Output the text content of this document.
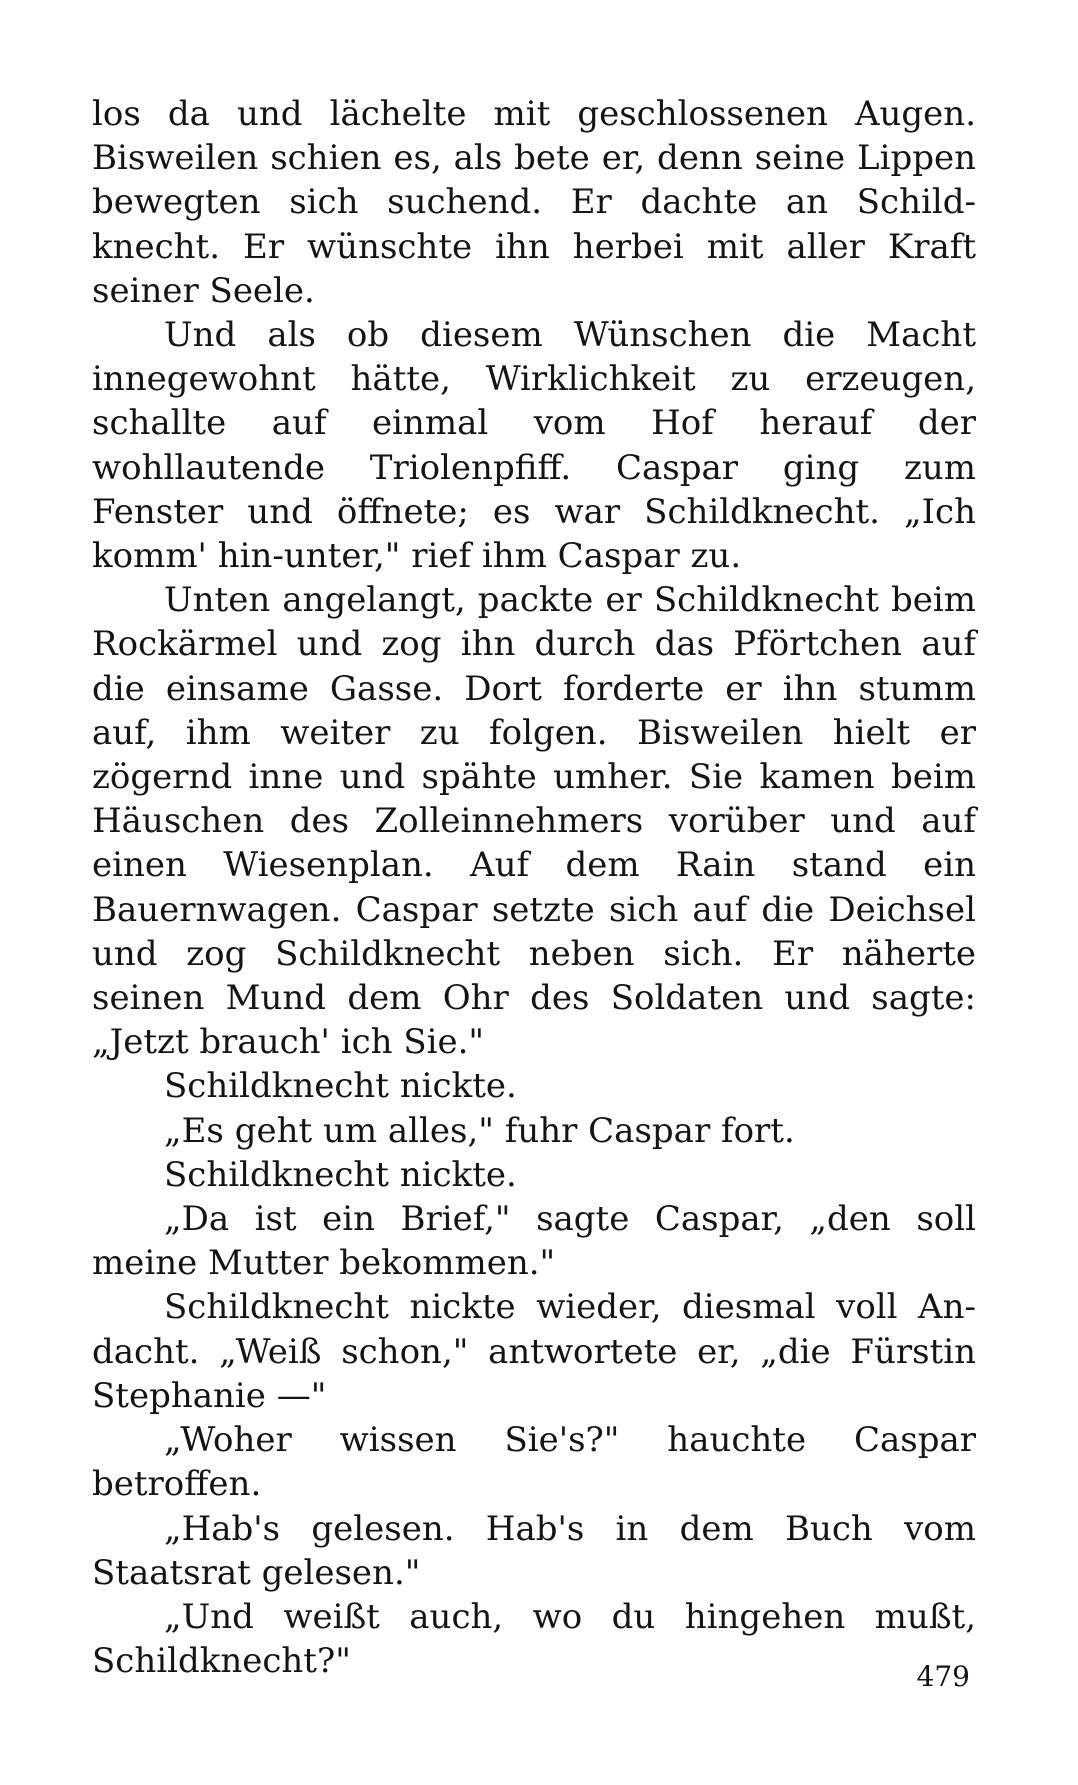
los da und lächelte mit geschlossenen Augen. Bisweilen schien es, als bete er, denn seine Lippen bewegten sich suchend. Er dachte an Schild-knecht. Er wünschte ihn herbei mit aller Kraft seiner Seele.

Und als ob diesem Wünschen die Macht innegewohnt hätte, Wirklichkeit zu erzeugen, schallte auf einmal vom Hof herauf der wohllautende Triolenpfiff. Caspar ging zum Fenster und öffnete; es war Schildknecht. „Ich komm' hin-unter," rief ihm Caspar zu.

Unten angelangt, packte er Schildknecht beim Rockärmel und zog ihn durch das Pförtchen auf die einsame Gasse. Dort forderte er ihn stumm auf, ihm weiter zu folgen. Bisweilen hielt er zögernd inne und spähte umher. Sie kamen beim Häuschen des Zolleinnehmers vorüber und auf einen Wiesenplan. Auf dem Rain stand ein Bauernwagen. Caspar setzte sich auf die Deichsel und zog Schildknecht neben sich. Er näherte seinen Mund dem Ohr des Soldaten und sagte: „Jetzt brauch' ich Sie."

Schildknecht nickte.

„Es geht um alles," fuhr Caspar fort.

Schildknecht nickte.

„Da ist ein Brief," sagte Caspar, „den soll meine Mutter bekommen."

Schildknecht nickte wieder, diesmal voll An-dacht. „Weiß schon," antwortete er, „die Fürstin Stephanie —"

„Woher wissen Sie's?" hauchte Caspar betroffen.

„Hab's gelesen. Hab's in dem Buch vom Staatsrat gelesen."

„Und weißt auch, wo du hingehen mußt, Schildknecht?"	479
